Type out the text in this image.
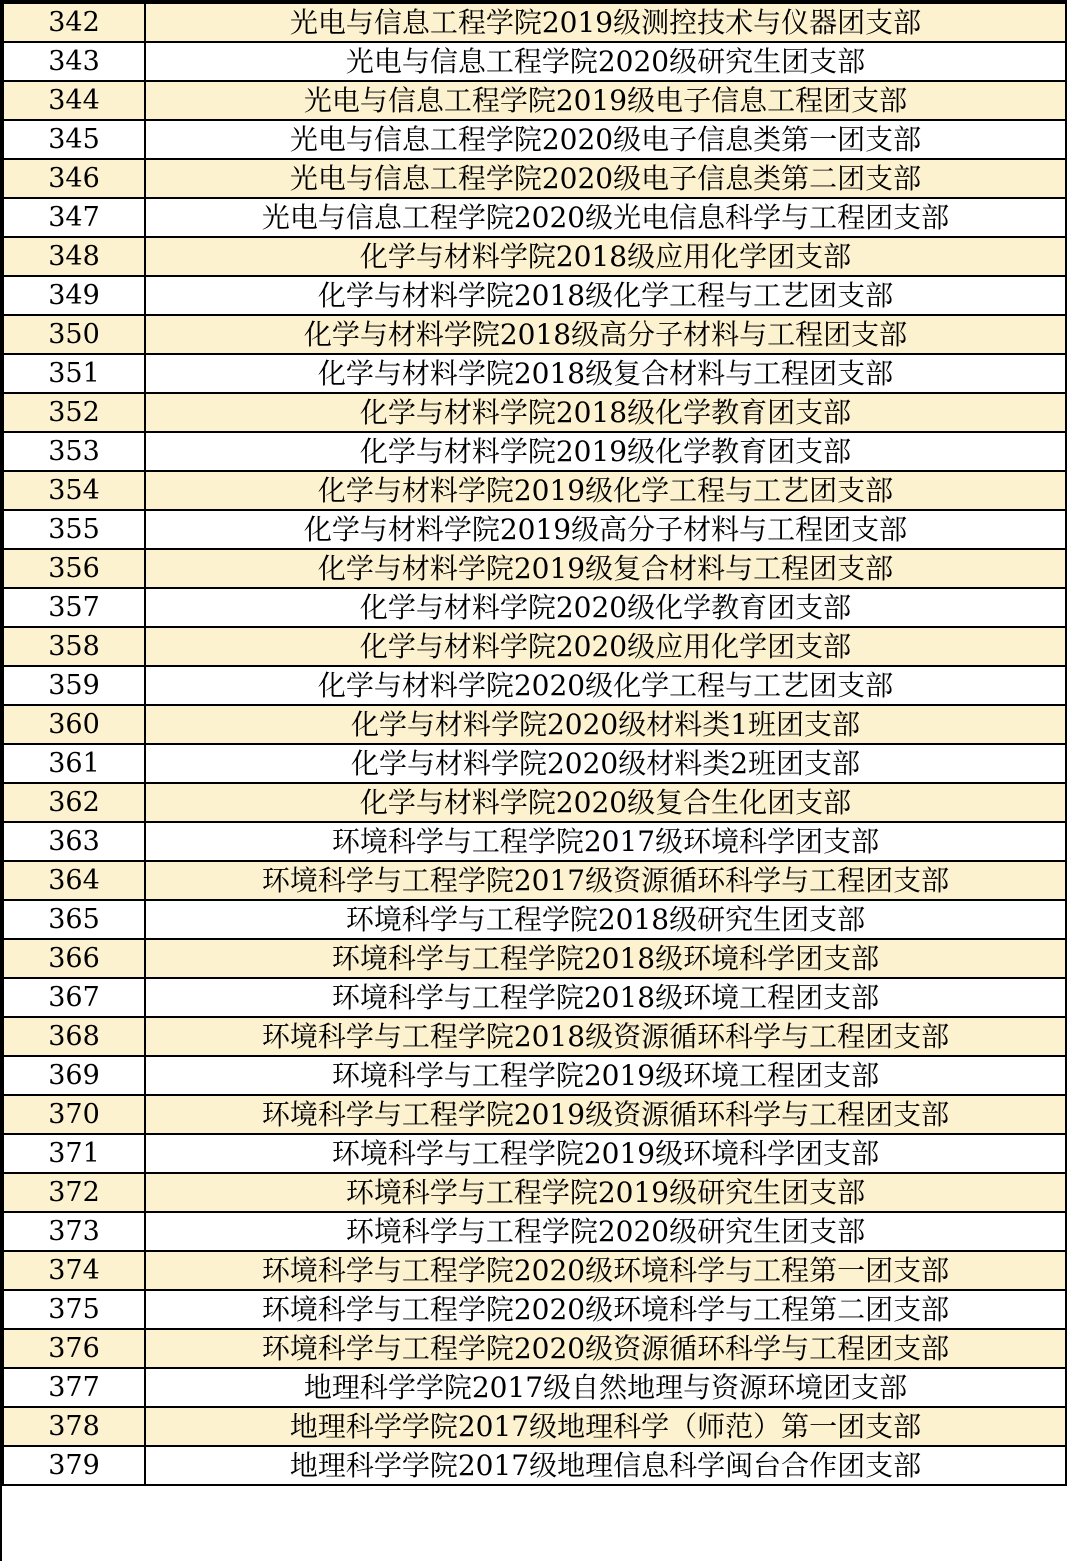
342	光电与信息工程学院2019级测控技术与仪器团支部
343	光电与信息工程学院2020级研究生团支部
344	光电与信息工程学院2019级电子信息工程团支部
345	光电与信息工程学院2020级电子信息类第一团支部
346	光电与信息工程学院2020级电子信息类第二团支部
347	光电与信息工程学院2020级光电信息科学与工程团支部
348	化学与材料学院2018级应用化学团支部
349	化学与材料学院2018级化学工程与工艺团支部
350	化学与材料学院2018级高分子材料与工程团支部
351	化学与材料学院2018级复合材料与工程团支部
352	化学与材料学院2018级化学教育团支部
353	化学与材料学院2019级化学教育团支部
354	化学与材料学院2019级化学工程与工艺团支部
355	化学与材料学院2019级高分子材料与工程团支部
356	化学与材料学院2019级复合材料与工程团支部
357	化学与材料学院2020级化学教育团支部
358	化学与材料学院2020级应用化学团支部
359	化学与材料学院2020级化学工程与工艺团支部
360	化学与材料学院2020级材料类1班团支部
361	化学与材料学院2020级材料类2班团支部
362	化学与材料学院2020级复合生化团支部
363	环境科学与工程学院2017级环境科学团支部
364	环境科学与工程学院2017级资源循环科学与工程团支部
365	环境科学与工程学院2018级研究生团支部
366	环境科学与工程学院2018级环境科学团支部
367	环境科学与工程学院2018级环境工程团支部
368	环境科学与工程学院2018级资源循环科学与工程团支部
369	环境科学与工程学院2019级环境工程团支部
370	环境科学与工程学院2019级资源循环科学与工程团支部
371	环境科学与工程学院2019级环境科学团支部
372	环境科学与工程学院2019级研究生团支部
373	环境科学与工程学院2020级研究生团支部
374	环境科学与工程学院2020级环境科学与工程第一团支部
375	环境科学与工程学院2020级环境科学与工程第二团支部
376	环境科学与工程学院2020级资源循环科学与工程团支部
377	地理科学学院2017级自然地理与资源环境团支部
378	地理科学学院2017级地理科学（师范）第一团支部
379	地理科学学院2017级地理信息科学闽台合作团支部
